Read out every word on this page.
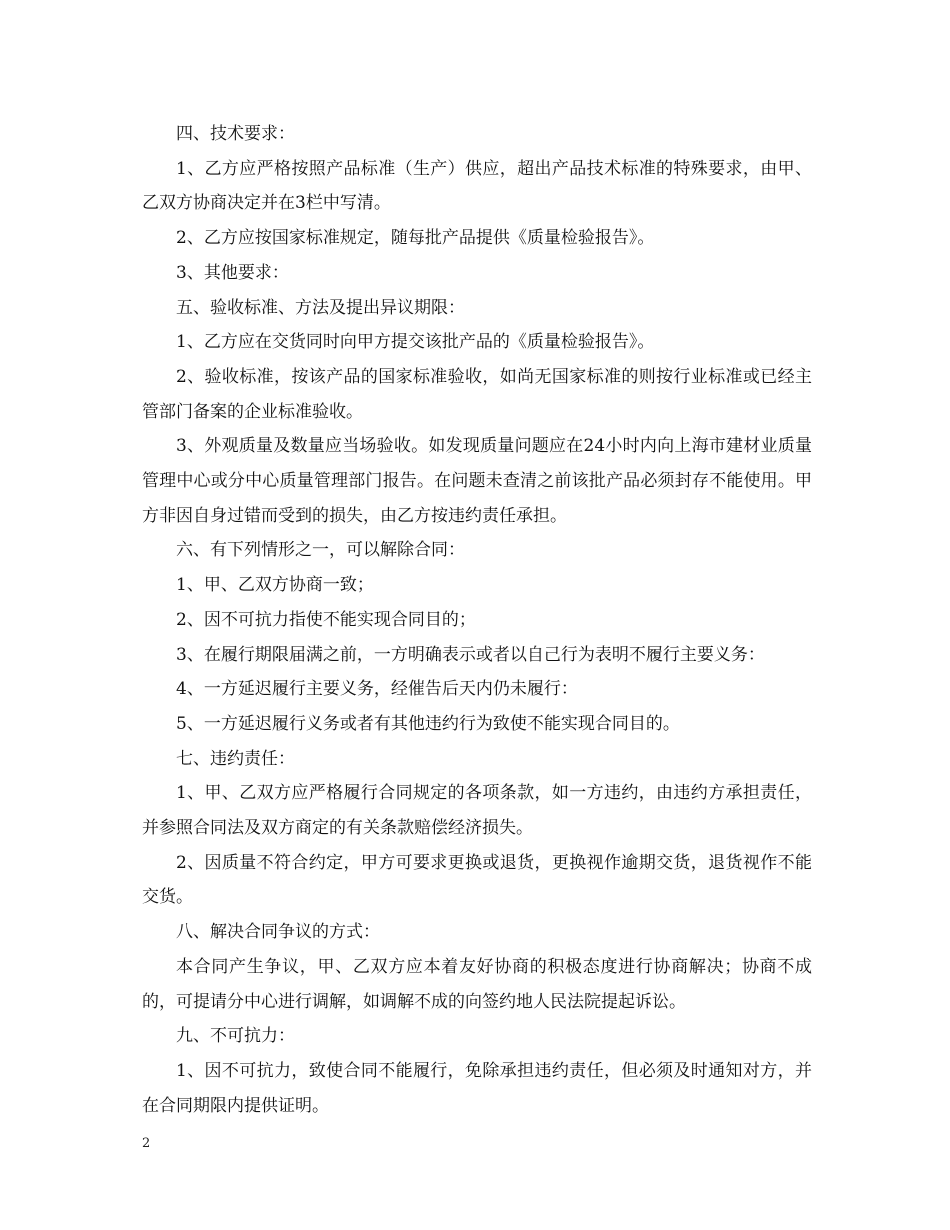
四、技术要求：

1、乙方应严格按照产品标准（生产）供应，超出产品技术标准的特殊要求，由甲、乙双方协商决定并在3栏中写清。

2、乙方应按国家标准规定，随每批产品提供《质量检验报告》。

3、其他要求：

五、验收标准、方法及提出异议期限：

1、乙方应在交货同时向甲方提交该批产品的《质量检验报告》。

2、验收标准，按该产品的国家标准验收，如尚无国家标准的则按行业标准或已经主管部门备案的企业标准验收。

3、外观质量及数量应当场验收。如发现质量问题应在24小时内向上海市建材业质量管理中心或分中心质量管理部门报告。在问题未查清之前该批产品必须封存不能使用。甲方非因自身过错而受到的损失，由乙方按违约责任承担。

六、有下列情形之一，可以解除合同：

1、甲、乙双方协商一致；

2、因不可抗力指使不能实现合同目的；

3、在履行期限届满之前，一方明确表示或者以自己行为表明不履行主要义务：

4、一方延迟履行主要义务，经催告后天内仍未履行：

5、一方延迟履行义务或者有其他违约行为致使不能实现合同目的。

七、违约责任：

1、甲、乙双方应严格履行合同规定的各项条款，如一方违约，由违约方承担责任，并参照合同法及双方商定的有关条款赔偿经济损失。

2、因质量不符合约定，甲方可要求更换或退货，更换视作逾期交货，退货视作不能交货。

八、解决合同争议的方式：

本合同产生争议，甲、乙双方应本着友好协商的积极态度进行协商解决；协商不成的，可提请分中心进行调解，如调解不成的向签约地人民法院提起诉讼。

九、不可抗力：

1、因不可抗力，致使合同不能履行，免除承担违约责任，但必须及时通知对方，并在合同期限内提供证明。

2
